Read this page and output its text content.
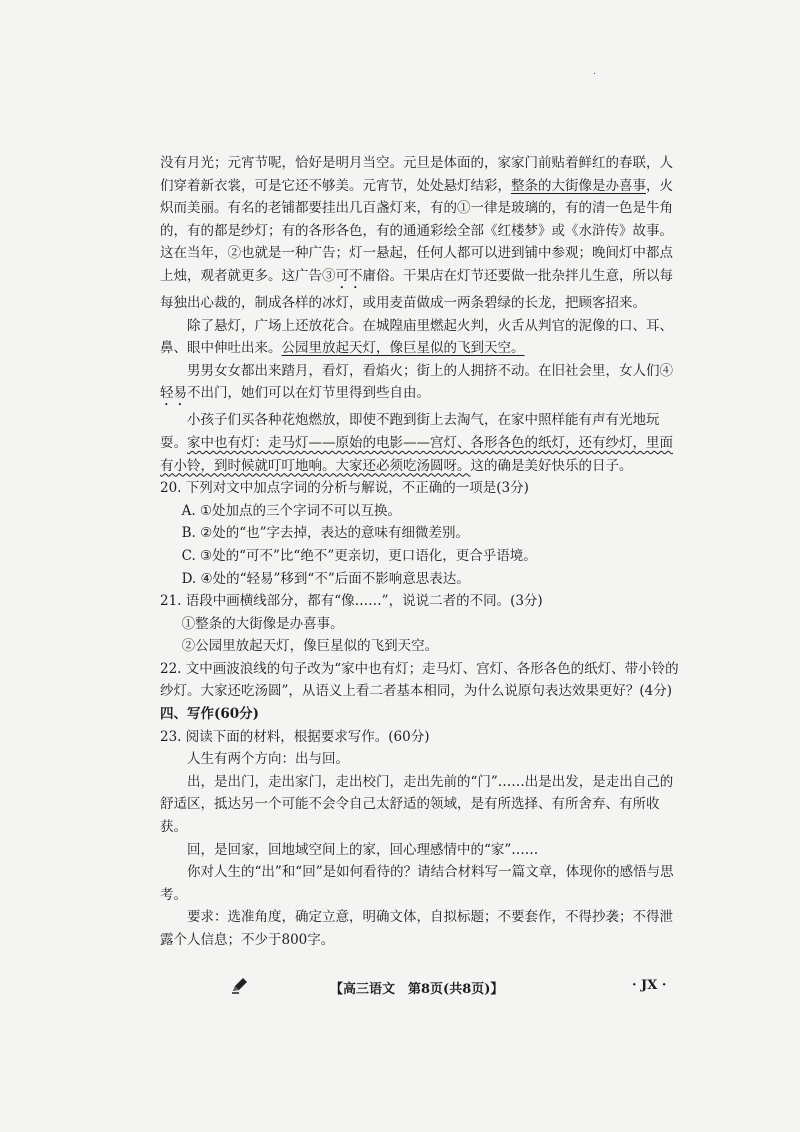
.

没有月光；元宵节呢，恰好是明月当空。元旦是体面的，家家门前贴着鲜红的春联，人们穿着新衣裳，可是它还不够美。元宵节，处处悬灯结彩，整条的大街像是办喜事，火炽而美丽。有名的老铺都要挂出几百盏灯来，有的①一律是玻璃的，有的清一色是牛角的，有的都是纱灯；有的各形各色，有的通通彩绘全部《红楼梦》或《水浒传》故事。这在当年，②也就是一种广告；灯一悬起，任何人都可以进到铺中参观；晚间灯中都点上烛，观者就更多。这广告③可不庸俗。干果店在灯节还要做一批杂拌儿生意，所以每每独出心裁的，制成各样的冰灯，或用麦苗做成一两条碧绿的长龙，把顾客招来。

除了悬灯，广场上还放花合。在城隍庙里燃起火判，火舌从判官的泥像的口、耳、鼻、眼中伸吐出来。公园里放起天灯，像巨星似的飞到天空。

男男女女都出来踏月，看灯，看焰火；街上的人拥挤不动。在旧社会里，女人们④轻易不出门，她们可以在灯节里得到些自由。

小孩子们买各种花炮燃放，即使不跑到街上去淘气，在家中照样能有声有光地玩耍。家中也有灯：走马灯——原始的电影——宫灯、各形各色的纸灯，还有纱灯，里面有小铃，到时候就叮叮地响。大家还必须吃汤圆呀。这的确是美好快乐的日子。

20. 下列对文中加点字词的分析与解说，不正确的一项是(3分)

A. ①处加点的三个字词不可以互换。

B. ②处的“也”字去掉，表达的意味有细微差别。

C. ③处的“可不”比“绝不”更亲切，更口语化，更合乎语境。

D. ④处的“轻易”移到“不”后面不影响意思表达。

21. 语段中画横线部分，都有“像……”，说说二者的不同。(3分)

①整条的大街像是办喜事。

②公园里放起天灯，像巨星似的飞到天空。

22. 文中画波浪线的句子改为“家中也有灯；走马灯、宫灯、各形各色的纸灯、带小铃的纱灯。大家还吃汤圆”，从语义上看二者基本相同，为什么说原句表达效果更好？(4分)

四、写作(60分)

23. 阅读下面的材料，根据要求写作。(60分)

人生有两个方向：出与回。

出，是出门，走出家门，走出校门，走出先前的“门”……出是出发，是走出自己的舒适区，抵达另一个可能不会令自己太舒适的领域，是有所选择、有所舍弃、有所收获。

回，是回家，回地域空间上的家，回心理感情中的“家”……

你对人生的“出”和“回”是如何看待的？请结合材料写一篇文章，体现你的感悟与思考。

要求：选准角度，确定立意，明确文体，自拟标题；不要套作，不得抄袭；不得泄露个人信息；不少于800字。

【高三语文　第8页(共8页)】	· JX ·
